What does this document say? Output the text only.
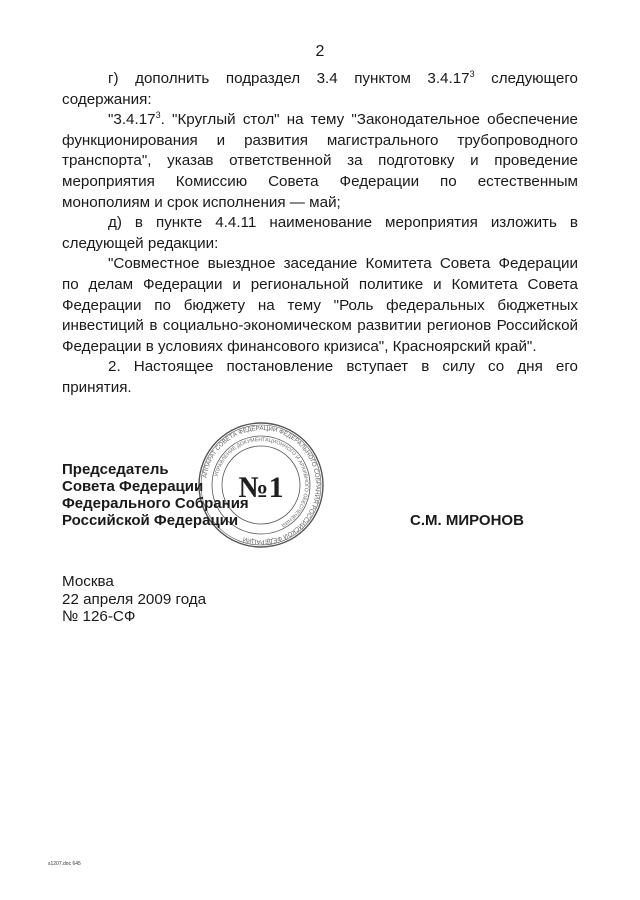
2

г) дополнить подраздел 3.4 пунктом 3.4.17$^3$ следующего содержания:

"3.4.17$^3$. "Круглый стол" на тему "Законодательное обеспечение функционирования и развития магистрального трубопроводного транспорта", указав ответственной за подготовку и проведение мероприятия Комиссию Совета Федерации по естественным монополиям и срок исполнения — май;

д) в пункте 4.4.11 наименование мероприятия изложить в следующей редакции:

"Совместное выездное заседание Комитета Совета Федерации по делам Федерации и региональной политике и Комитета Совета Федерации по бюджету на тему "Роль федеральных бюджетных инвестиций в социально-экономическом развитии регионов Российской Федерации в условиях финансового кризиса", Красноярский край".

2. Настоящее постановление вступает в силу со дня его принятия.

Председатель
Совета Федерации
Федерального Собрания
Российской Федерации
АППАРАТ СОВЕТА ФЕДЕРАЦИИ ФЕДЕРАЛЬНОГО СОБРАНИЯ РОССИЙСКОЙ ФЕДЕРАЦИИ
УПРАВЛЕНИЕ ДОКУМЕНТАЦИОННОГО И АРХИВНОГО ОБЕСПЕЧЕНИЯ
№1
С.М. МИРОНОВ
Москва
22 апреля 2009 года
№ 126-СФ
s1207.doc 645
